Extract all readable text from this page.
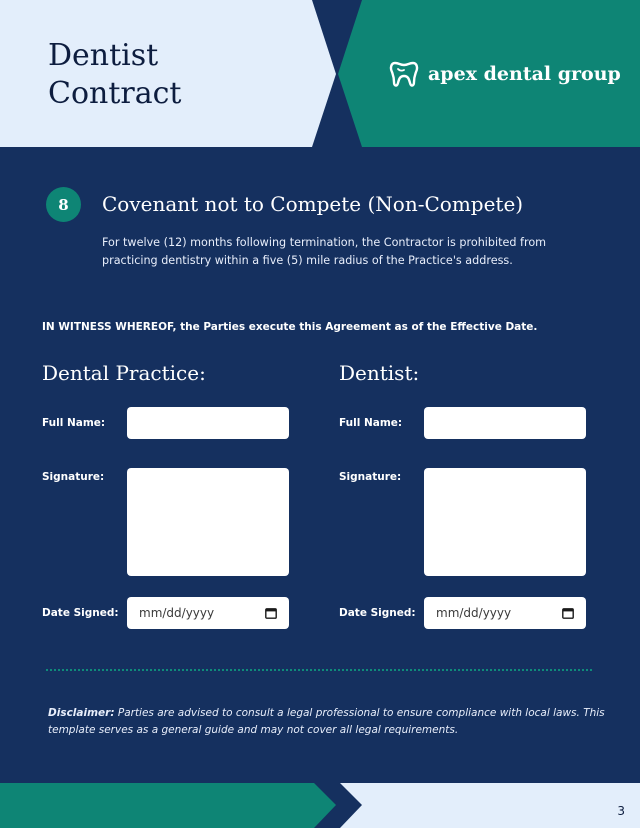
Dentist
Contract
apex dental group
8	Covenant not to Compete (Non-Compete)

For twelve (12) months following termination, the Contractor is prohibited from practicing dentistry within a five (5) mile radius of the Practice's address.

IN WITNESS WHEREOF, the Parties execute this Agreement as of the Effective Date.

Dental Practice:
Full Name:
Signature:
Date Signed: mm/dd/yyyy
Dentist:
Full Name:
Signature:
Date Signed: mm/dd/yyyy

Disclaimer: Parties are advised to consult a legal professional to ensure compliance with local laws. This template serves as a general guide and may not cover all legal requirements.

3
